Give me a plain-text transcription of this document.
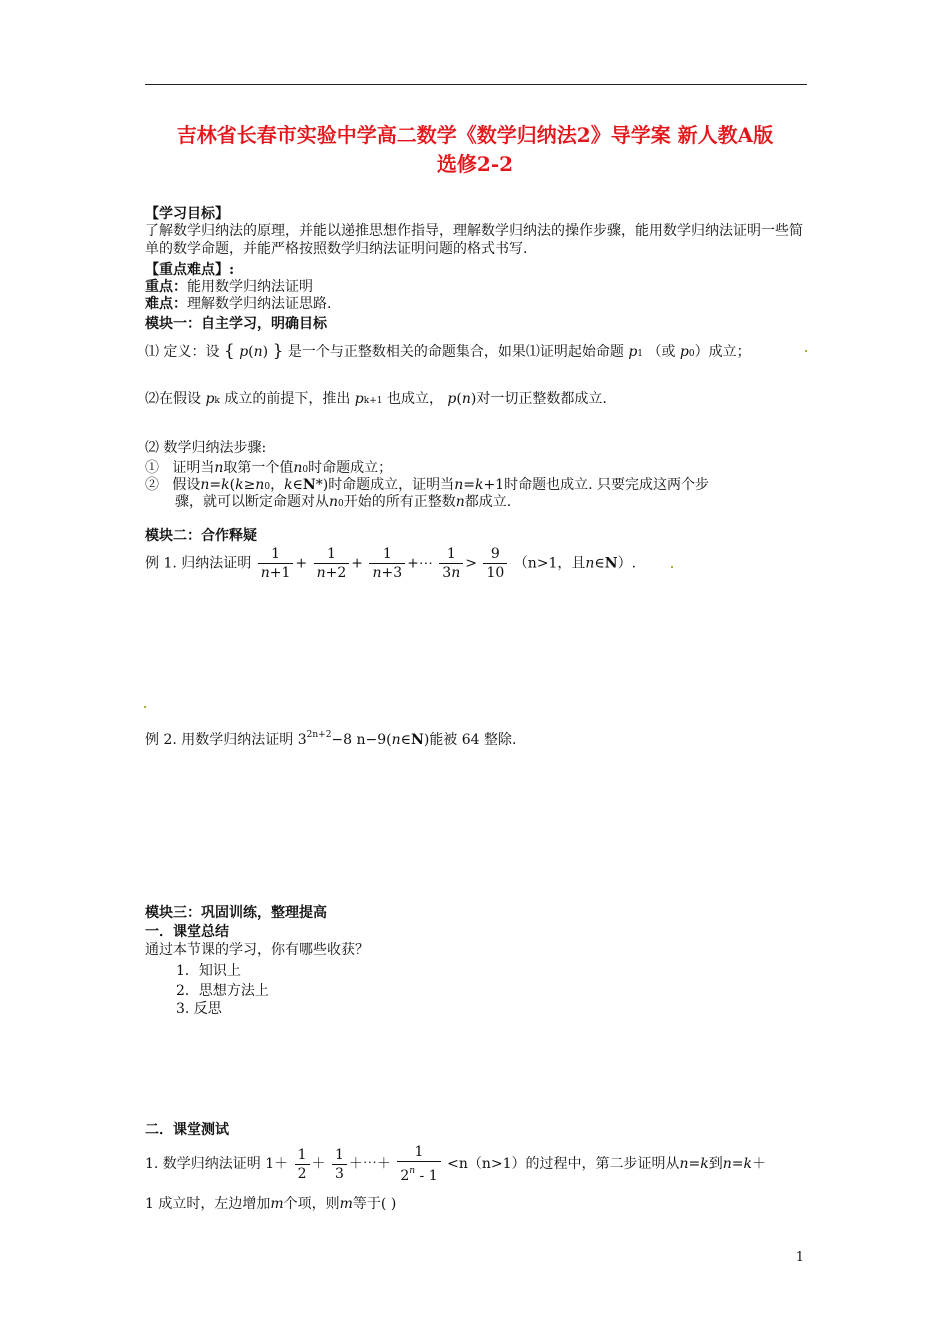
吉林省长春市实验中学高二数学《数学归纳法2》导学案 新人教A版
选修2-2
【学习目标】
了解数学归纳法的原理，并能以递推思想作指导，理解数学归纳法的操作步骤，能用数学归纳法证明一些简单的数学命题，并能严格按照数学归纳法证明问题的格式书写.
【重点难点】:
重点：能用数学归纳法证明
难点：理解数学归纳法证思路.
模块一：自主学习，明确目标
⑴ 定义：设 { p(n) } 是一个与正整数相关的命题集合，如果⑴证明起始命题 p1 （或 p0）成立；
⑵在假设 pk 成立的前提下，推出 pk+1 也成立， p(n)对一切正整数都成立.
⑵ 数学归纳法步骤:
① 证明当n取第一个值n0时命题成立；
② 假设n=k(k≥n0，k∈N*)时命题成立，证明当n=k+1时命题也成立. 只要完成这两个步
骤，就可以断定命题对从n0开始的所有正整数n都成立.
模块二：合作释疑
例 1. 归纳法证明 $\frac{1}{n+1} + \frac{1}{n+2} + \frac{1}{n+3}$ +⋯ $\frac{1}{3n} > \frac{9}{10} (n>1$，且n∈N）.
例 2. 用数学归纳法证明 $3^{2n+2}-8$ n−9(n∈N)能被 64 整除.
模块三：巩固训练，整理提高
一．课堂总结
通过本节课的学习，你有哪些收获？
1．知识上
2．思想方法上
3. 反思
二．课堂测试
1. 数学归纳法证明 $1+ \frac{1}{2} + \frac{1}{3}$ ＋⋯＋ $\frac{1}{2^n - 1} <n(n>1)$的过程中，第二步证明从n=k到n=k＋
1 成立时，左边增加m个项，则m等于( )
1
